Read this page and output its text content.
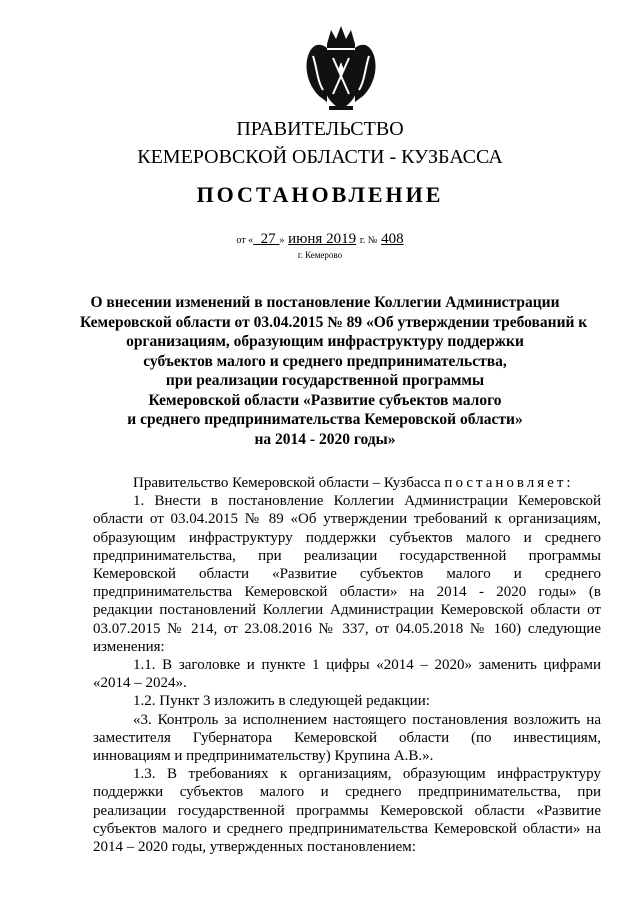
ПРАВИТЕЛЬСТВО
КЕМЕРОВСКОЙ ОБЛАСТИ - КУЗБАССА
ПОСТАНОВЛЕНИЕ
от « 27 » июня 2019 г. № 408
г. Кемерово
О внесении изменений в постановление Коллегии Администрации
Кемеровской области от 03.04.2015 № 89 «Об утверждении требований к
организациям, образующим инфраструктуру поддержки
субъектов малого и среднего предпринимательства,
при реализации государственной программы
Кемеровской области «Развитие субъектов малого
и среднего предпринимательства Кемеровской области»
на 2014 - 2020 годы»
Правительство Кемеровской области – Кузбасса постановляет:
1. Внести в постановление Коллегии Администрации Кемеровской
области от 03.04.2015 № 89 «Об утверждении требований к организациям,
образующим инфраструктуру поддержки субъектов малого и среднего
предпринимательства, при реализации государственной программы
Кемеровской области «Развитие субъектов малого и среднего
предпринимательства Кемеровской области» на 2014 - 2020 годы» (в
редакции постановлений Коллегии Администрации Кемеровской области от
03.07.2015 № 214, от 23.08.2016 № 337, от 04.05.2018 № 160) следующие
изменения:
1.1. В заголовке и пункте 1 цифры «2014 – 2020» заменить цифрами
«2014 – 2024».
1.2. Пункт 3 изложить в следующей редакции:
«3. Контроль за исполнением настоящего постановления возложить на
заместителя Губернатора Кемеровской области (по инвестициям,
инновациям и предпринимательству) Крупина А.В.».
1.3. В требованиях к организациям, образующим инфраструктуру
поддержки субъектов малого и среднего предпринимательства, при
реализации государственной программы Кемеровской области «Развитие
субъектов малого и среднего предпринимательства Кемеровской области» на
2014 – 2020 годы, утвержденных постановлением:
